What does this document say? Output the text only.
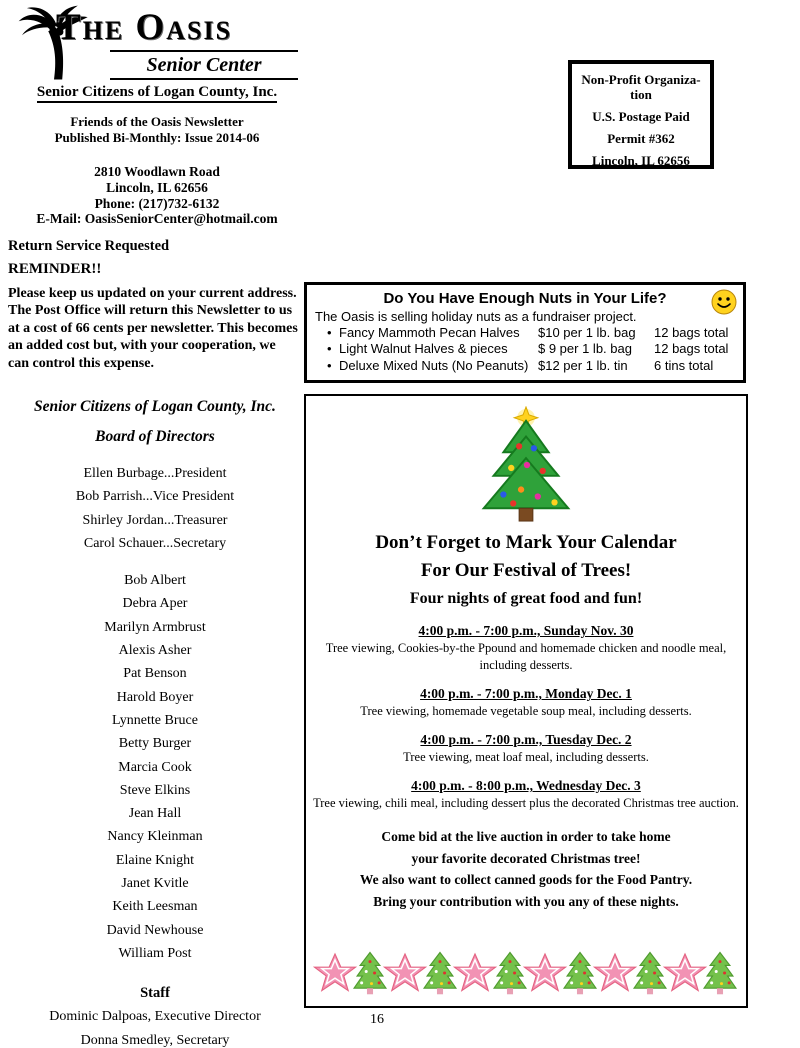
The Oasis
Senior Center
Senior Citizens of Logan County, Inc.
Friends of the Oasis Newsletter
Published Bi-Monthly: Issue 2014-06
2810 Woodlawn Road
Lincoln, IL 62656
Phone: (217)732-6132
E-Mail: OasisSeniorCenter@hotmail.com
Non-Profit Organiza-
tion
U.S. Postage Paid
Permit #362
Lincoln, IL 62656
Return Service Requested
REMINDER!!
Please keep us updated on your current address. The Post Office will return this Newsletter to us at a cost of 66 cents per newsletter. This becomes an added cost but, with your cooperation, we can control this expense.
Senior Citizens of Logan County, Inc.
Board of Directors
Ellen Burbage...President
Bob Parrish...Vice President
Shirley Jordan...Treasurer
Carol Schauer...Secretary
Bob Albert
Debra Aper
Marilyn Armbrust
Alexis Asher
Pat Benson
Harold Boyer
Lynnette Bruce
Betty Burger
Marcia Cook
Steve Elkins
Jean Hall
Nancy Kleinman
Elaine Knight
Janet Kvitle
Keith Leesman
David Newhouse
William Post
Staff
Dominic Dalpoas, Executive Director
Donna Smedley, Secretary
Do You Have Enough Nuts in Your Life?
The Oasis is selling holiday nuts as a fundraiser project.
• Fancy Mammoth Pecan Halves	$10 per 1 lb. bag	12 bags total
• Light Walnut Halves & pieces	$ 9 per 1 lb. bag	12 bags total
• Deluxe Mixed Nuts (No Peanuts) $12 per 1 lb. tin	6 tins total
Don’t Forget to Mark Your Calendar
For Our Festival of Trees!
Four nights of great food and fun!
4:00 p.m. - 7:00 p.m., Sunday Nov. 30
Tree viewing, Cookies-by-the Ppound and homemade chicken and noodle meal, including desserts.
4:00 p.m. - 7:00 p.m., Monday Dec. 1
Tree viewing, homemade vegetable soup meal, including desserts.
4:00 p.m. - 7:00 p.m., Tuesday Dec. 2
Tree viewing, meat loaf meal, including desserts.
4:00 p.m. - 8:00 p.m., Wednesday Dec. 3
Tree viewing, chili meal, including dessert plus the decorated Christmas tree auction.
Come bid at the live auction in order to take home
your favorite decorated Christmas tree!
We also want to collect canned goods for the Food Pantry.
Bring your contribution with you any of these nights.
16
